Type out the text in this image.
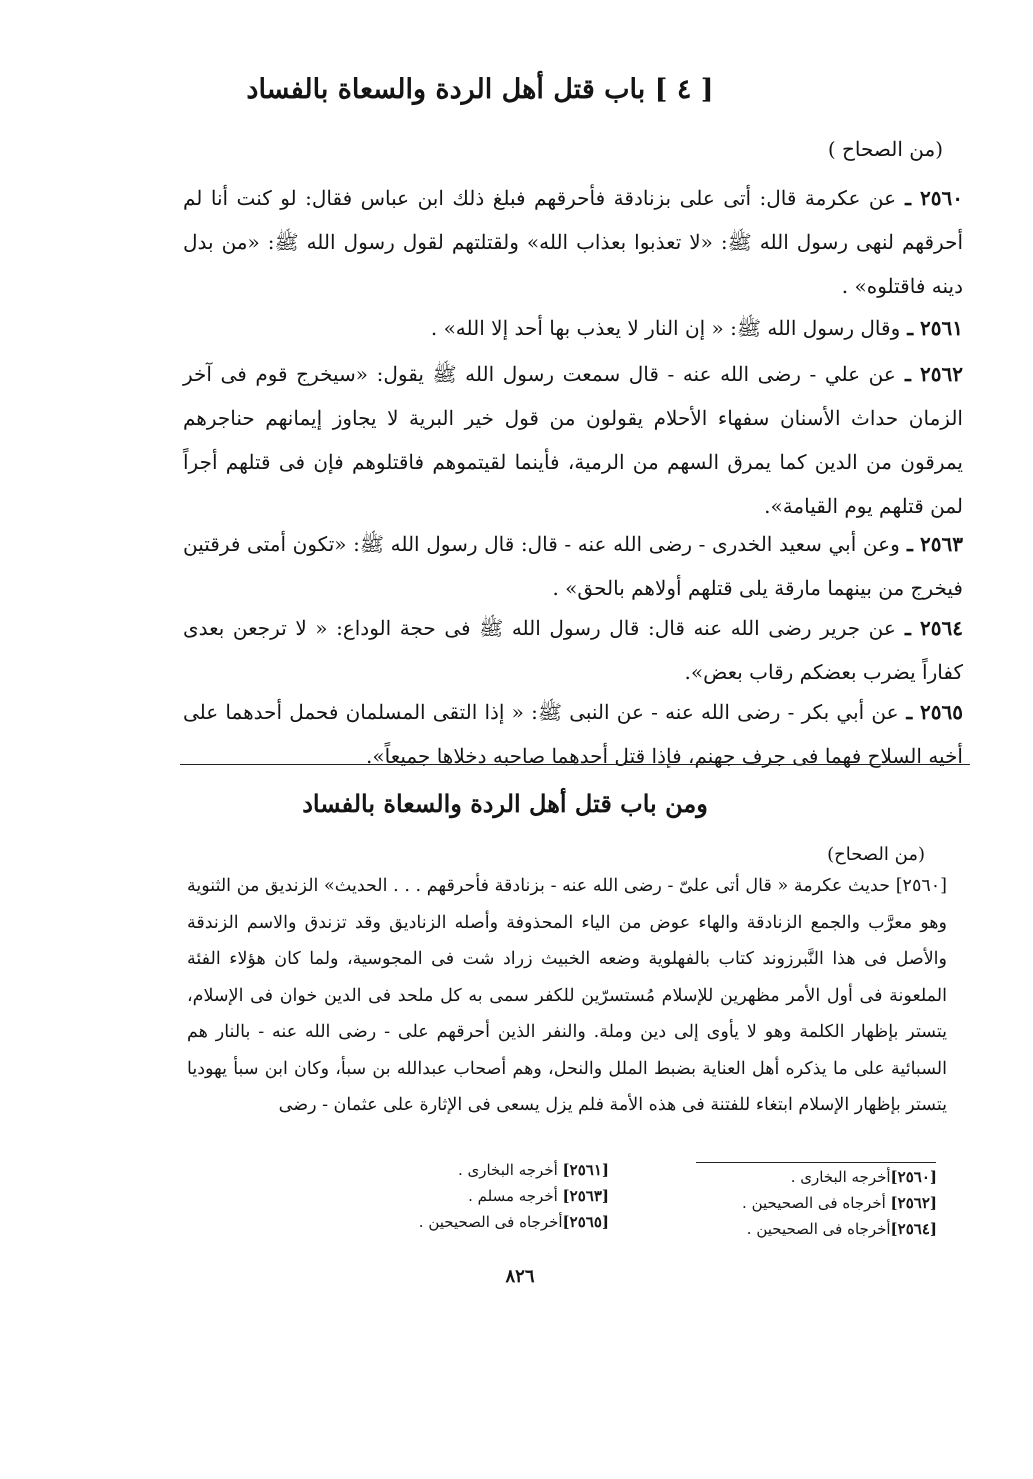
[ ٤ ] باب قتل أهل الردة والسعاة بالفساد
(من الصحاح )
٢٥٦٠ ـ عن عكرمة قال: أتى على بزنادقة فأحرقهم فبلغ ذلك ابن عباس فقال: لو كنت أنا لم أحرقهم لنهى رسول الله ﷺ: «لا تعذبوا بعذاب الله» ولقتلتهم لقول رسول الله ﷺ: «من بدل دينه فاقتلوه» .
٢٥٦١ ـ وقال رسول الله ﷺ: « إن النار لا يعذب بها أحد إلا الله» .
٢٥٦٢ ـ عن علي - رضى الله عنه - قال سمعت رسول الله ﷺ يقول: «سيخرج قوم فى آخر الزمان حداث الأسنان سفهاء الأحلام يقولون من قول خير البرية لا يجاوز إيمانهم حناجرهم يمرقون من الدين كما يمرق السهم من الرمية، فأينما لقيتموهم فاقتلوهم فإن فى قتلهم أجراً لمن قتلهم يوم القيامة».
٢٥٦٣ ـ وعن أبي سعيد الخدرى - رضى الله عنه - قال: قال رسول الله ﷺ: «تكون أمتى فرقتين فيخرج من بينهما مارقة يلى قتلهم أولاهم بالحق» .
٢٥٦٤ ـ عن جرير رضى الله عنه قال: قال رسول الله ﷺ فى حجة الوداع: « لا ترجعن بعدى كفاراً يضرب بعضكم رقاب بعض».
٢٥٦٥ ـ عن أبي بكر - رضى الله عنه - عن النبى ﷺ: « إذا التقى المسلمان فحمل أحدهما على أخيه السلاح فهما فى جرف جهنم، فإذا قتل أحدهما صاحبه دخلاها جميعاً».
ومن باب قتل أهل الردة والسعاة بالفساد
(من الصحاح)
[٢٥٦٠] حديث عكرمة « قال أتى علىّ - رضى الله عنه - بزنادقة فأحرقهم . . . الحديث» الزنديق من الثنوية وهو معرَّب والجمع الزنادقة والهاء عوض من الياء المحذوفة وأصله الزناديق وقد تزندق والاسم الزندقة والأصل فى هذا النَّبرزوند كتاب بالفهلوية وضعه الخبيث زراد شت فى المجوسية، ولما كان هؤلاء الفئة الملعونة فى أول الأمر مظهرين للإسلام مُستسرّين للكفر سمى به كل ملحد فى الدين خوان فى الإسلام، يتستر بإظهار الكلمة وهو لا يأوى إلى دين وملة. والنفر الذين أحرقهم على - رضى الله عنه - بالنار هم السبائية على ما يذكره أهل العناية بضبط الملل والنحل، وهم أصحاب عبدالله بن سبأ، وكان ابن سبأ يهوديا يتستر بإظهار الإسلام ابتغاء للفتنة فى هذه الأمة فلم يزل يسعى فى الإثارة على عثمان - رضى
[٢٥٦٠]أخرجه البخارى .
[٢٥٦٢] أخرجاه فى الصحيحين .
[٢٥٦٤]أخرجاه فى الصحيحين .
[٢٥٦١] أخرجه البخارى .
[٢٥٦٣] أخرجه مسلم .
[٢٥٦٥]أخرجاه فى الصحيحين .
٨٢٦
